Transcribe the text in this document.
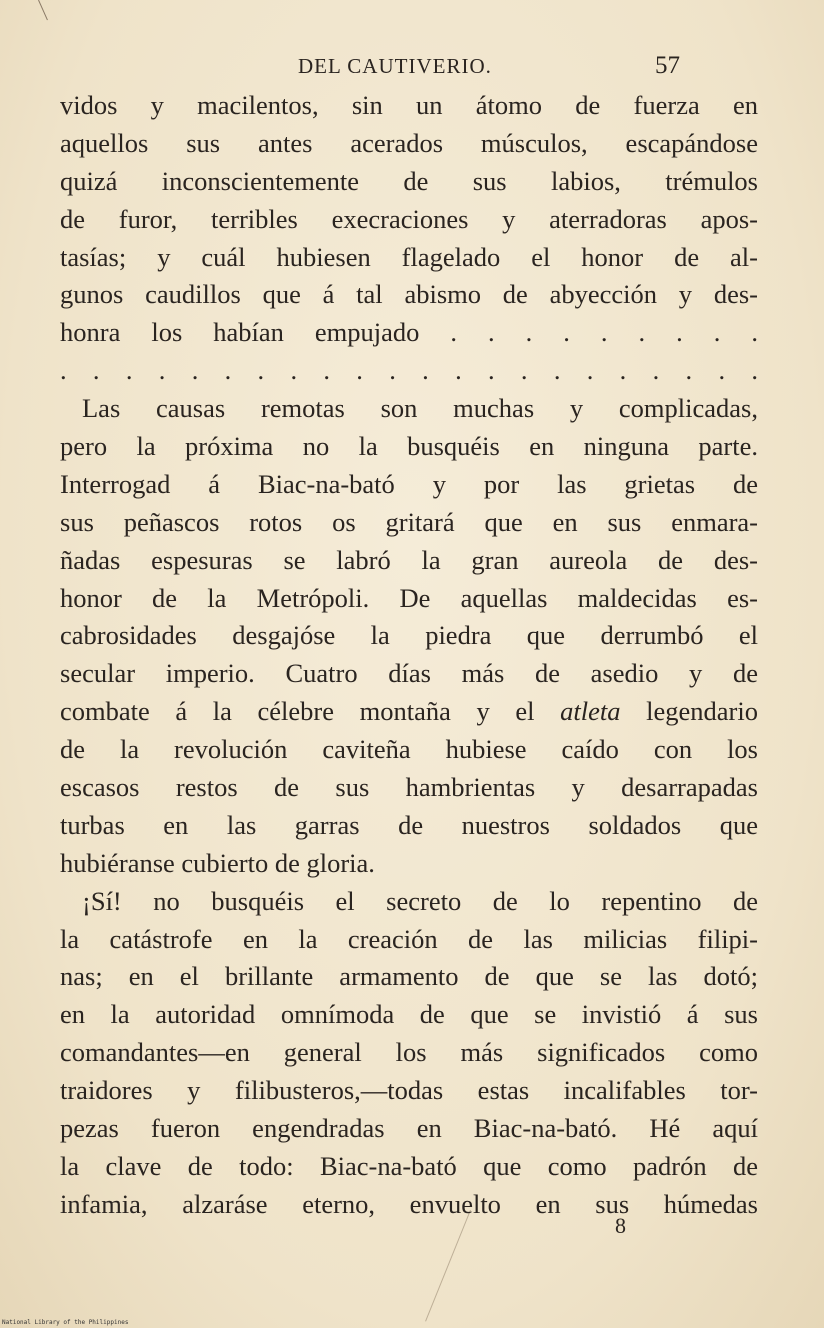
DEL CAUTIVERIO.	57
vidos y macilentos, sin un átomo de fuerza en
aquellos sus antes acerados músculos, escapándose
quizá inconscientemente de sus labios, trémulos
de furor, terribles execraciones y aterradoras apos-
tasías; y cuál hubiesen flagelado el honor de al-
gunos caudillos que á tal abismo de abyección y des-
honra los habían empujado . . . . . . . . .
. . . . . . . . . . . . . . . . . . . . . .
Las causas remotas son muchas y complicadas,
pero la próxima no la busquéis en ninguna parte.
Interrogad á Biac-na-bató y por las grietas de
sus peñascos rotos os gritará que en sus enmara-
ñadas espesuras se labró la gran aureola de des-
honor de la Metrópoli. De aquellas maldecidas es-
cabrosidades desgajóse la piedra que derrumbó el
secular imperio. Cuatro días más de asedio y de
combate á la célebre montaña y el atleta legendario
de la revolución caviteña hubiese caído con los
escasos restos de sus hambrientas y desarrapadas
turbas en las garras de nuestros soldados que
hubiéranse cubierto de gloria.
¡Sí! no busquéis el secreto de lo repentino de
la catástrofe en la creación de las milicias filipi-
nas; en el brillante armamento de que se las dotó;
en la autoridad omnímoda de que se invistió á sus
comandantes—en general los más significados como
traidores y filibusteros,—todas estas incalifables tor-
pezas fueron engendradas en Biac-na-bató. Hé aquí
la clave de todo: Biac-na-bató que como padrón de
infamia, alzaráse eterno, envuelto en sus húmedas
8
National Library of the Philippines
